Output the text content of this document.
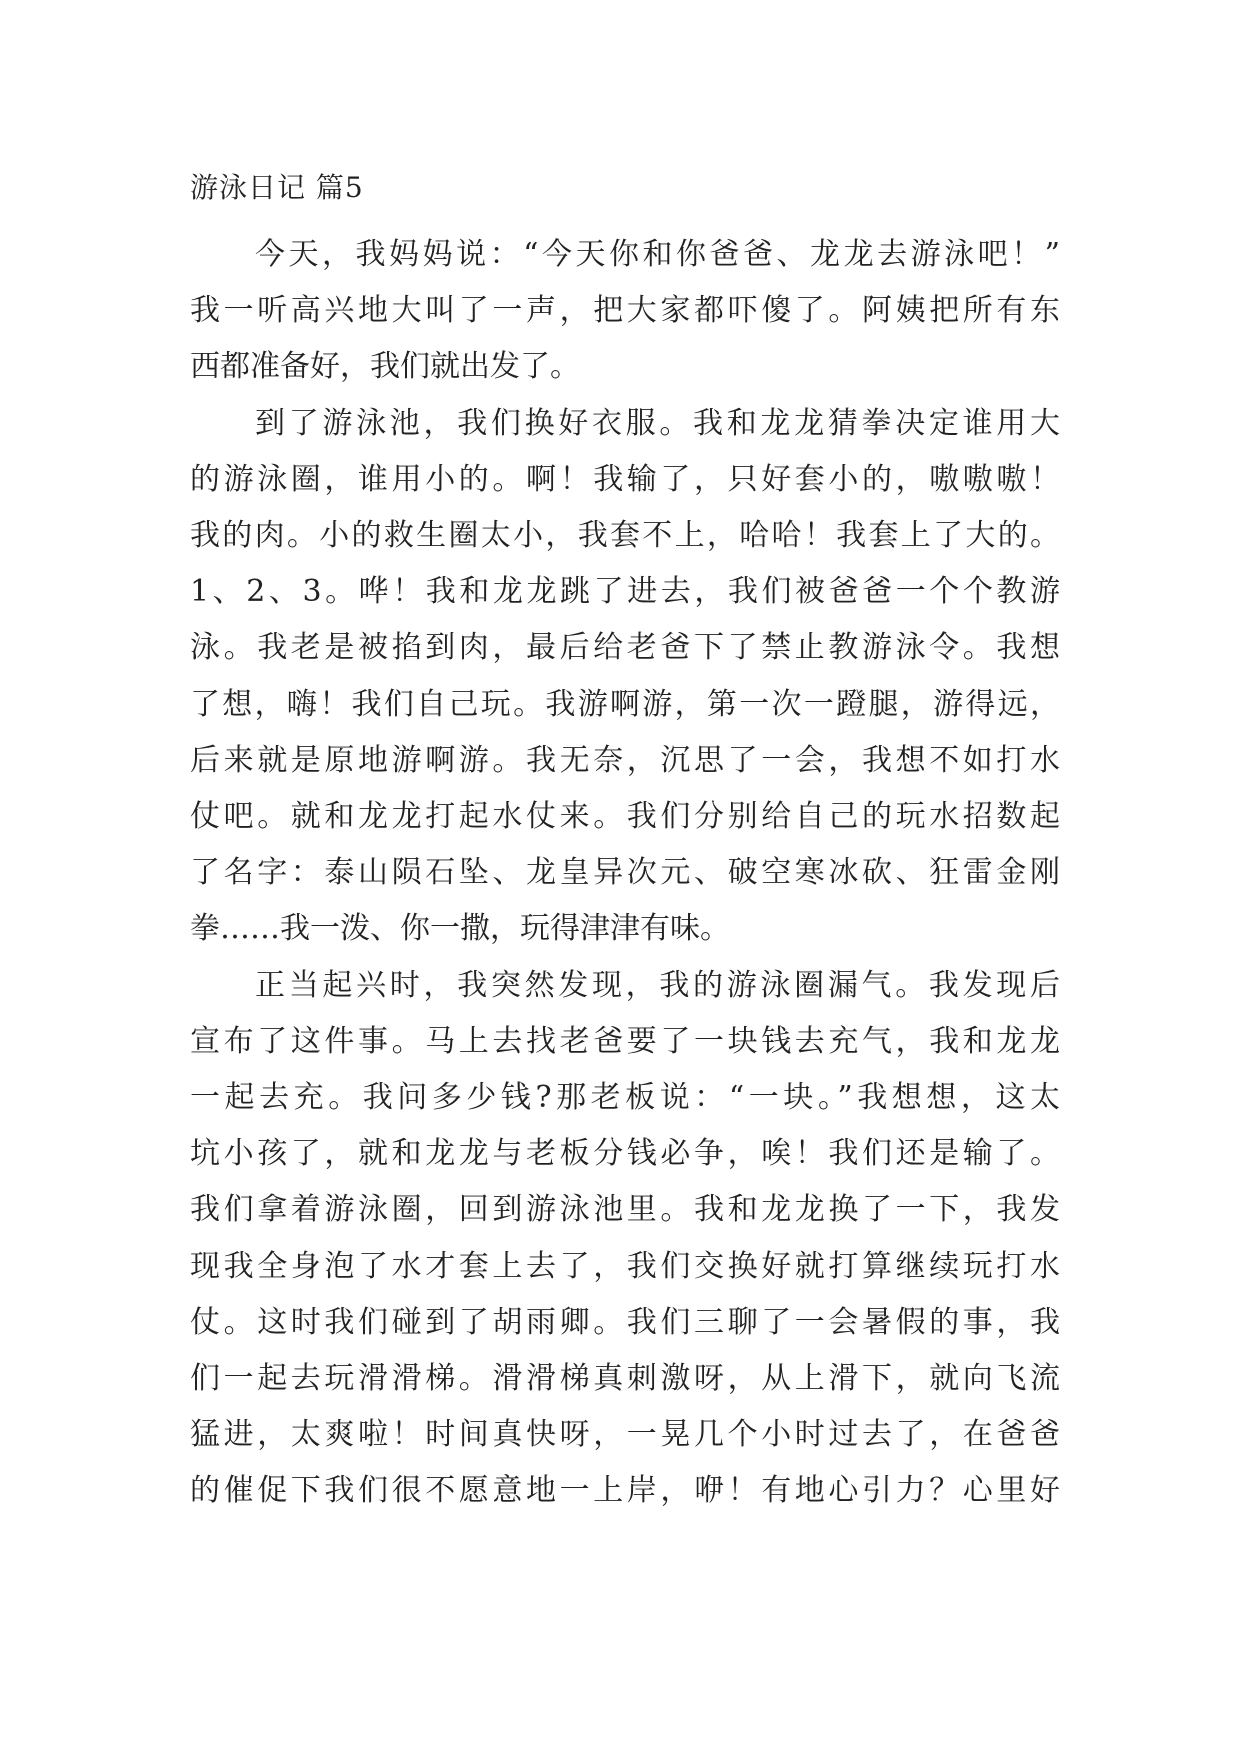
游泳日记 篇5
今天，我妈妈说：“今天你和你爸爸、龙龙去游泳吧！”
我一听高兴地大叫了一声，把大家都吓傻了。阿姨把所有东
西都准备好，我们就出发了。
到了游泳池，我们换好衣服。我和龙龙猜拳决定谁用大
的游泳圈，谁用小的。啊！我输了，只好套小的，嗷嗷嗷！
我的肉。小的救生圈太小，我套不上，哈哈！我套上了大的。
1、2、3。哗！我和龙龙跳了进去，我们被爸爸一个个教游
泳。我老是被掐到肉，最后给老爸下了禁止教游泳令。我想
了想，嗨！我们自己玩。我游啊游，第一次一蹬腿，游得远，
后来就是原地游啊游。我无奈，沉思了一会，我想不如打水
仗吧。就和龙龙打起水仗来。我们分别给自己的玩水招数起
了名字：泰山陨石坠、龙皇异次元、破空寒冰砍、狂雷金刚
拳……我一泼、你一撒，玩得津津有味。
正当起兴时，我突然发现，我的游泳圈漏气。我发现后
宣布了这件事。马上去找老爸要了一块钱去充气，我和龙龙
一起去充。我问多少钱?那老板说：“一块。”我想想，这太
坑小孩了，就和龙龙与老板分钱必争，唉！我们还是输了。
我们拿着游泳圈，回到游泳池里。我和龙龙换了一下，我发
现我全身泡了水才套上去了，我们交换好就打算继续玩打水
仗。这时我们碰到了胡雨卿。我们三聊了一会暑假的事，我
们一起去玩滑滑梯。滑滑梯真刺激呀，从上滑下，就向飞流
猛进，太爽啦！时间真快呀，一晃几个小时过去了，在爸爸
的催促下我们很不愿意地一上岸，咿！有地心引力？心里好
